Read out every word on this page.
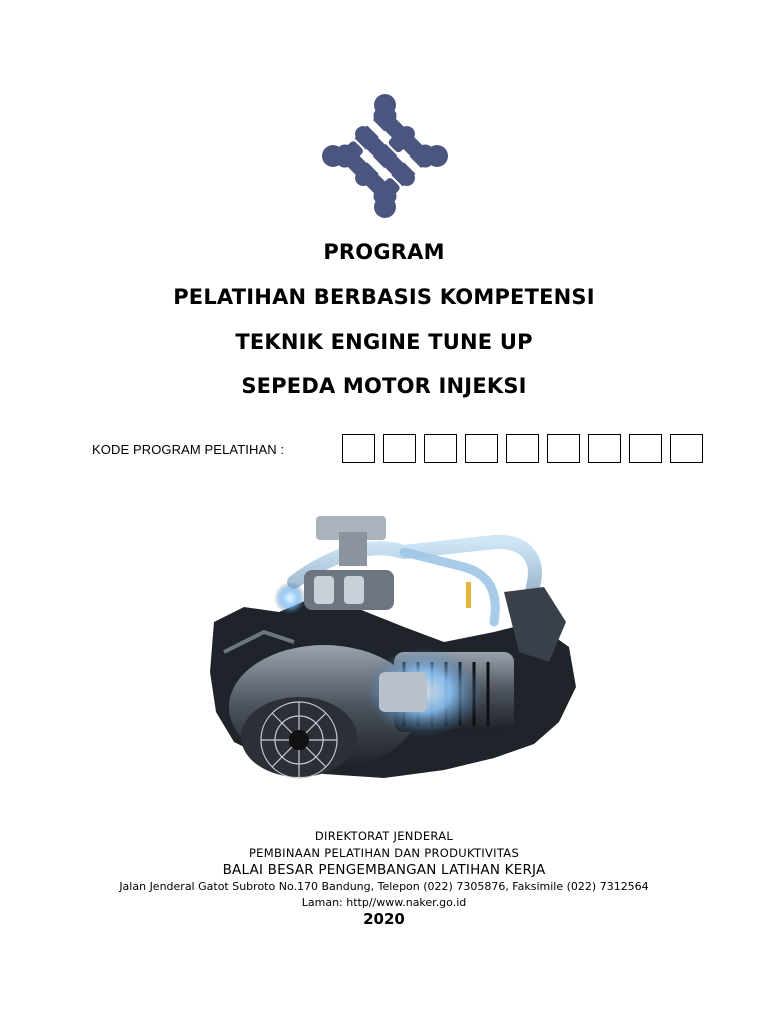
PROGRAM
PELATIHAN BERBASIS KOMPETENSI
TEKNIK ENGINE TUNE UP
SEPEDA MOTOR INJEKSI
KODE PROGRAM PELATIHAN :
DIREKTORAT JENDERAL
PEMBINAAN PELATIHAN DAN PRODUKTIVITAS
BALAI BESAR PENGEMBANGAN LATIHAN KERJA
Jalan Jenderal Gatot Subroto No.170 Bandung, Telepon (022) 7305876, Faksimile (022) 7312564
Laman: http//www.naker.go.id
2020
